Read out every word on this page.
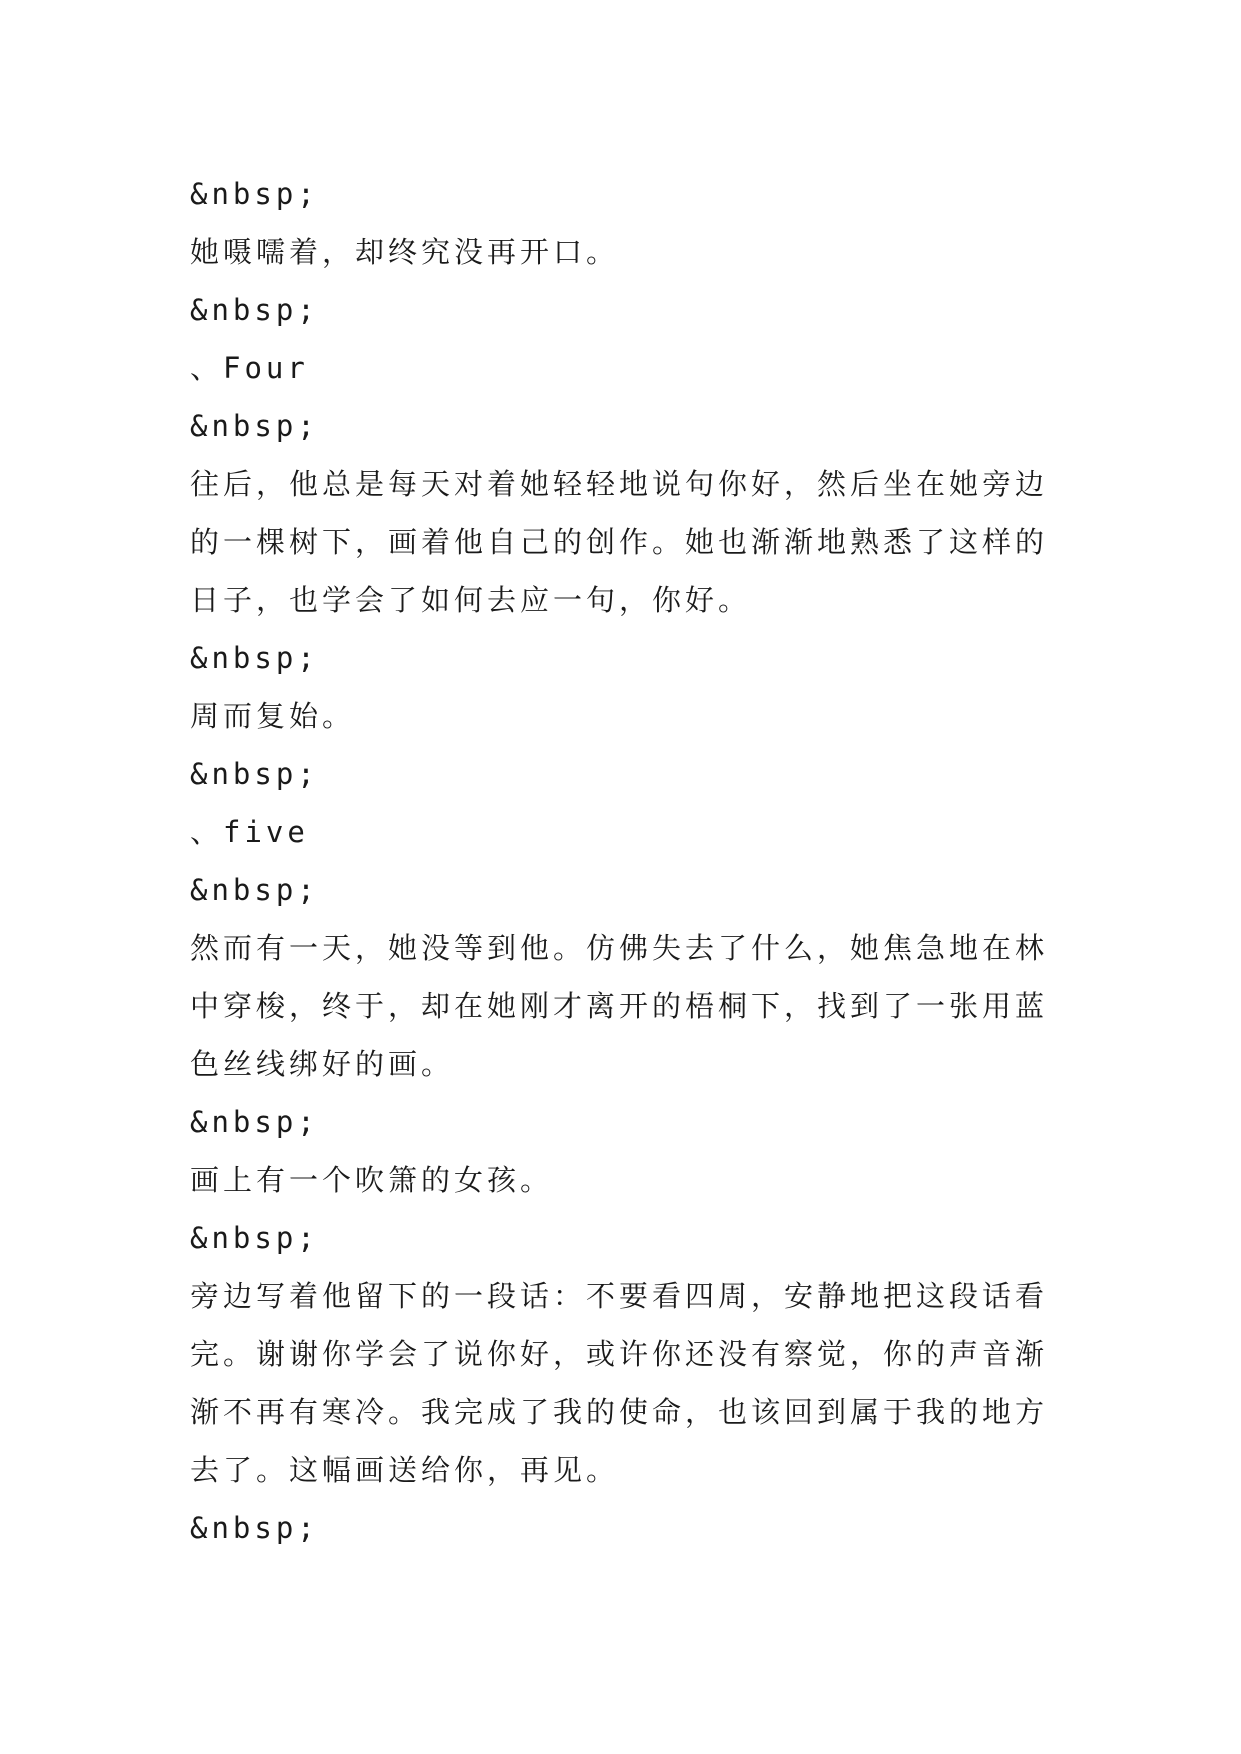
&nbsp;

她嗫嚅着，却终究没再开口。

&nbsp;

、Four

&nbsp;

往后，他总是每天对着她轻轻地说句你好，然后坐在她旁边的一棵树下，画着他自己的创作。她也渐渐地熟悉了这样的日子，也学会了如何去应一句，你好。

&nbsp;

周而复始。

&nbsp;

、five

&nbsp;

然而有一天，她没等到他。仿佛失去了什么，她焦急地在林中穿梭，终于，却在她刚才离开的梧桐下，找到了一张用蓝色丝线绑好的画。

&nbsp;

画上有一个吹箫的女孩。

&nbsp;

旁边写着他留下的一段话：不要看四周，安静地把这段话看完。谢谢你学会了说你好，或许你还没有察觉，你的声音渐渐不再有寒冷。我完成了我的使命，也该回到属于我的地方去了。这幅画送给你，再见。

&nbsp;
